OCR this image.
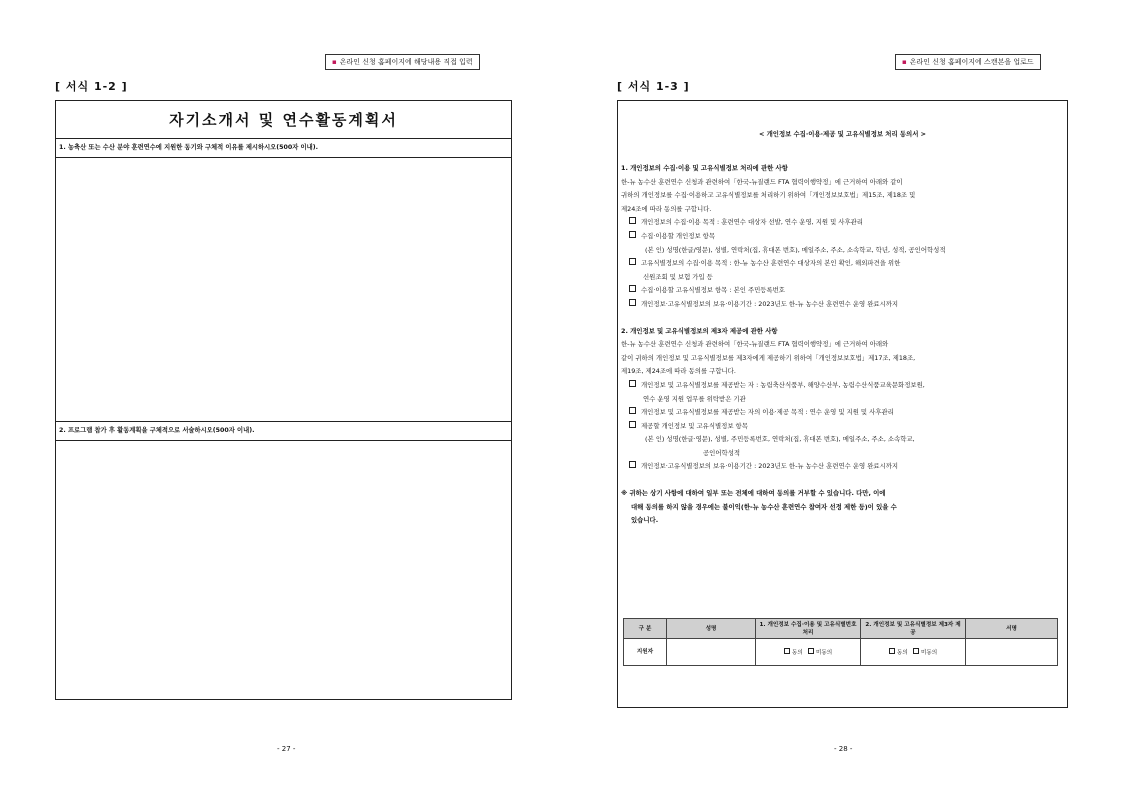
▪ 온라인 신청 홈페이지에 해당내용 직접 입력
[ 서식 1-2 ]
자기소개서 및 연수활동계획서
1. 농축산 또는 수산 분야 훈련연수에 지원한 동기와 구체적 이유를 제시하시오(500자 이내).
2. 프로그램 참가 후 활동계획을 구체적으로 서술하시오(500자 이내).
- 27 -
▪ 온라인 신청 홈페이지에 스캔본을 업로드
[ 서식 1-3 ]
< 개인정보 수집·이용·제공 및 고유식별정보 처리 동의서 >

1. 개인정보의 수집·이용 및 고유식별정보 처리에 관한 사항

한-뉴 농수산 훈련연수 신청과 관련하여「한국-뉴질랜드 FTA 협력이행약정」에 근거하여 아래와 같이

귀하의 개인정보를 수집·이용하고 고유식별정보를 처리하기 위하여「개인정보보호법」제15조, 제18조 및

제24조에 따라 동의를 구합니다.

개인정보의 수집·이용 목적 : 훈련연수 대상자 선발, 연수 운영, 지원 및 사후관리

수집·이용할 개인정보 항목

(본 인) 성명(한글/영문), 성별, 연락처(집, 휴대폰 번호), 메일주소, 주소, 소속학교, 학년, 성적, 공인어학성적

고유식별정보의 수집·이용 목적 : 한-뉴 농수산 훈련연수 대상자의 본인 확인, 해외파견을 위한

신원조회 및 보험 가입 등

수집·이용할 고유식별정보 항목 : 본인 주민등록번호

개인정보·고유식별정보의 보유·이용기간 : 2023년도 한-뉴 농수산 훈련연수 운영 완료시까지

2. 개인정보 및 고유식별정보의 제3자 제공에 관한 사항

한-뉴 농수산 훈련연수 신청과 관련하여「한국-뉴질랜드 FTA 협력이행약정」에 근거하여 아래와

같이 귀하의 개인정보 및 고유식별정보를 제3자에게 제공하기 위하여「개인정보보호법」제17조, 제18조,

제19조, 제24조에 따라 동의를 구합니다.

개인정보 및 고유식별정보를 제공받는 자 : 농림축산식품부, 해양수산부, 농림수산식품교육문화정보원,

연수 운영 지원 업무를 위탁받은 기관

개인정보 및 고유식별정보를 제공받는 자의 이용·제공 목적 : 연수 운영 및 지원 및 사후관리

제공할 개인정보 및 고유식별정보 항목

(본 인) 성명(한글·영문), 성별, 주민등록번호, 연락처(집, 휴대폰 번호), 메일주소, 주소, 소속학교,

공인어학성적

개인정보·고유식별정보의 보유·이용기간 : 2023년도 한-뉴 농수산 훈련연수 운영 완료시까지

※ 귀하는 상기 사항에 대하여 일부 또는 전체에 대하여 동의를 거부할 수 있습니다. 다만, 이에

대해 동의를 하지 않을 경우에는 불이익(한-뉴 농수산 훈련연수 참여자 선정 제한 등)이 있을 수

있습니다.

구 분	성명	1. 개인정보 수집·이용 및 고유식별번호 처리	2. 개인정보 및 고유식별정보 제3자 제공	서명
지원자		동의 미동의	동의 미동의	
- 28 -
